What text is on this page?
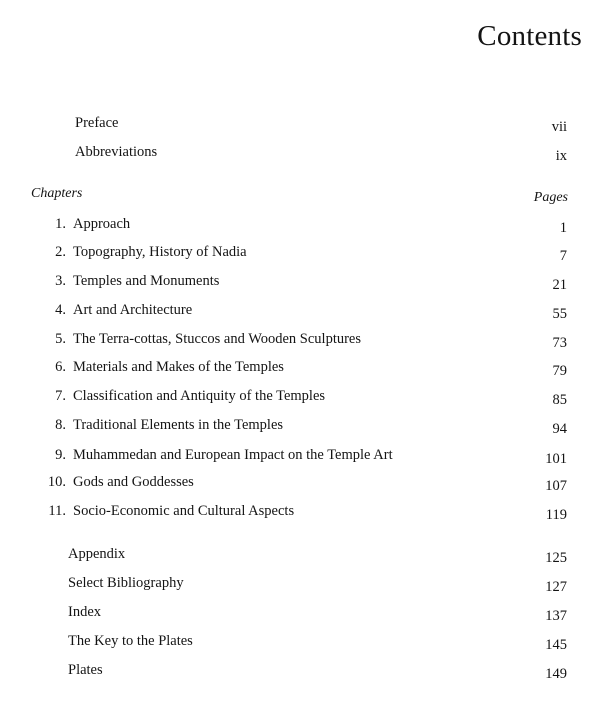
Contents
Preface	vii
Abbreviations	ix
Chapters	Pages
1. Approach	1
2. Topography, History of Nadia	7
3. Temples and Monuments	21
4. Art and Architecture	55
5. The Terra-cottas, Stuccos and Wooden Sculptures	73
6. Materials and Makes of the Temples	79
7. Classification and Antiquity of the Temples	85
8. Traditional Elements in the Temples	94
9. Muhammedan and European Impact on the Temple Art	101
10. Gods and Goddesses	107
11. Socio-Economic and Cultural Aspects	119
Appendix	125
Select Bibliography	127
Index	137
The Key to the Plates	145
Plates	149
